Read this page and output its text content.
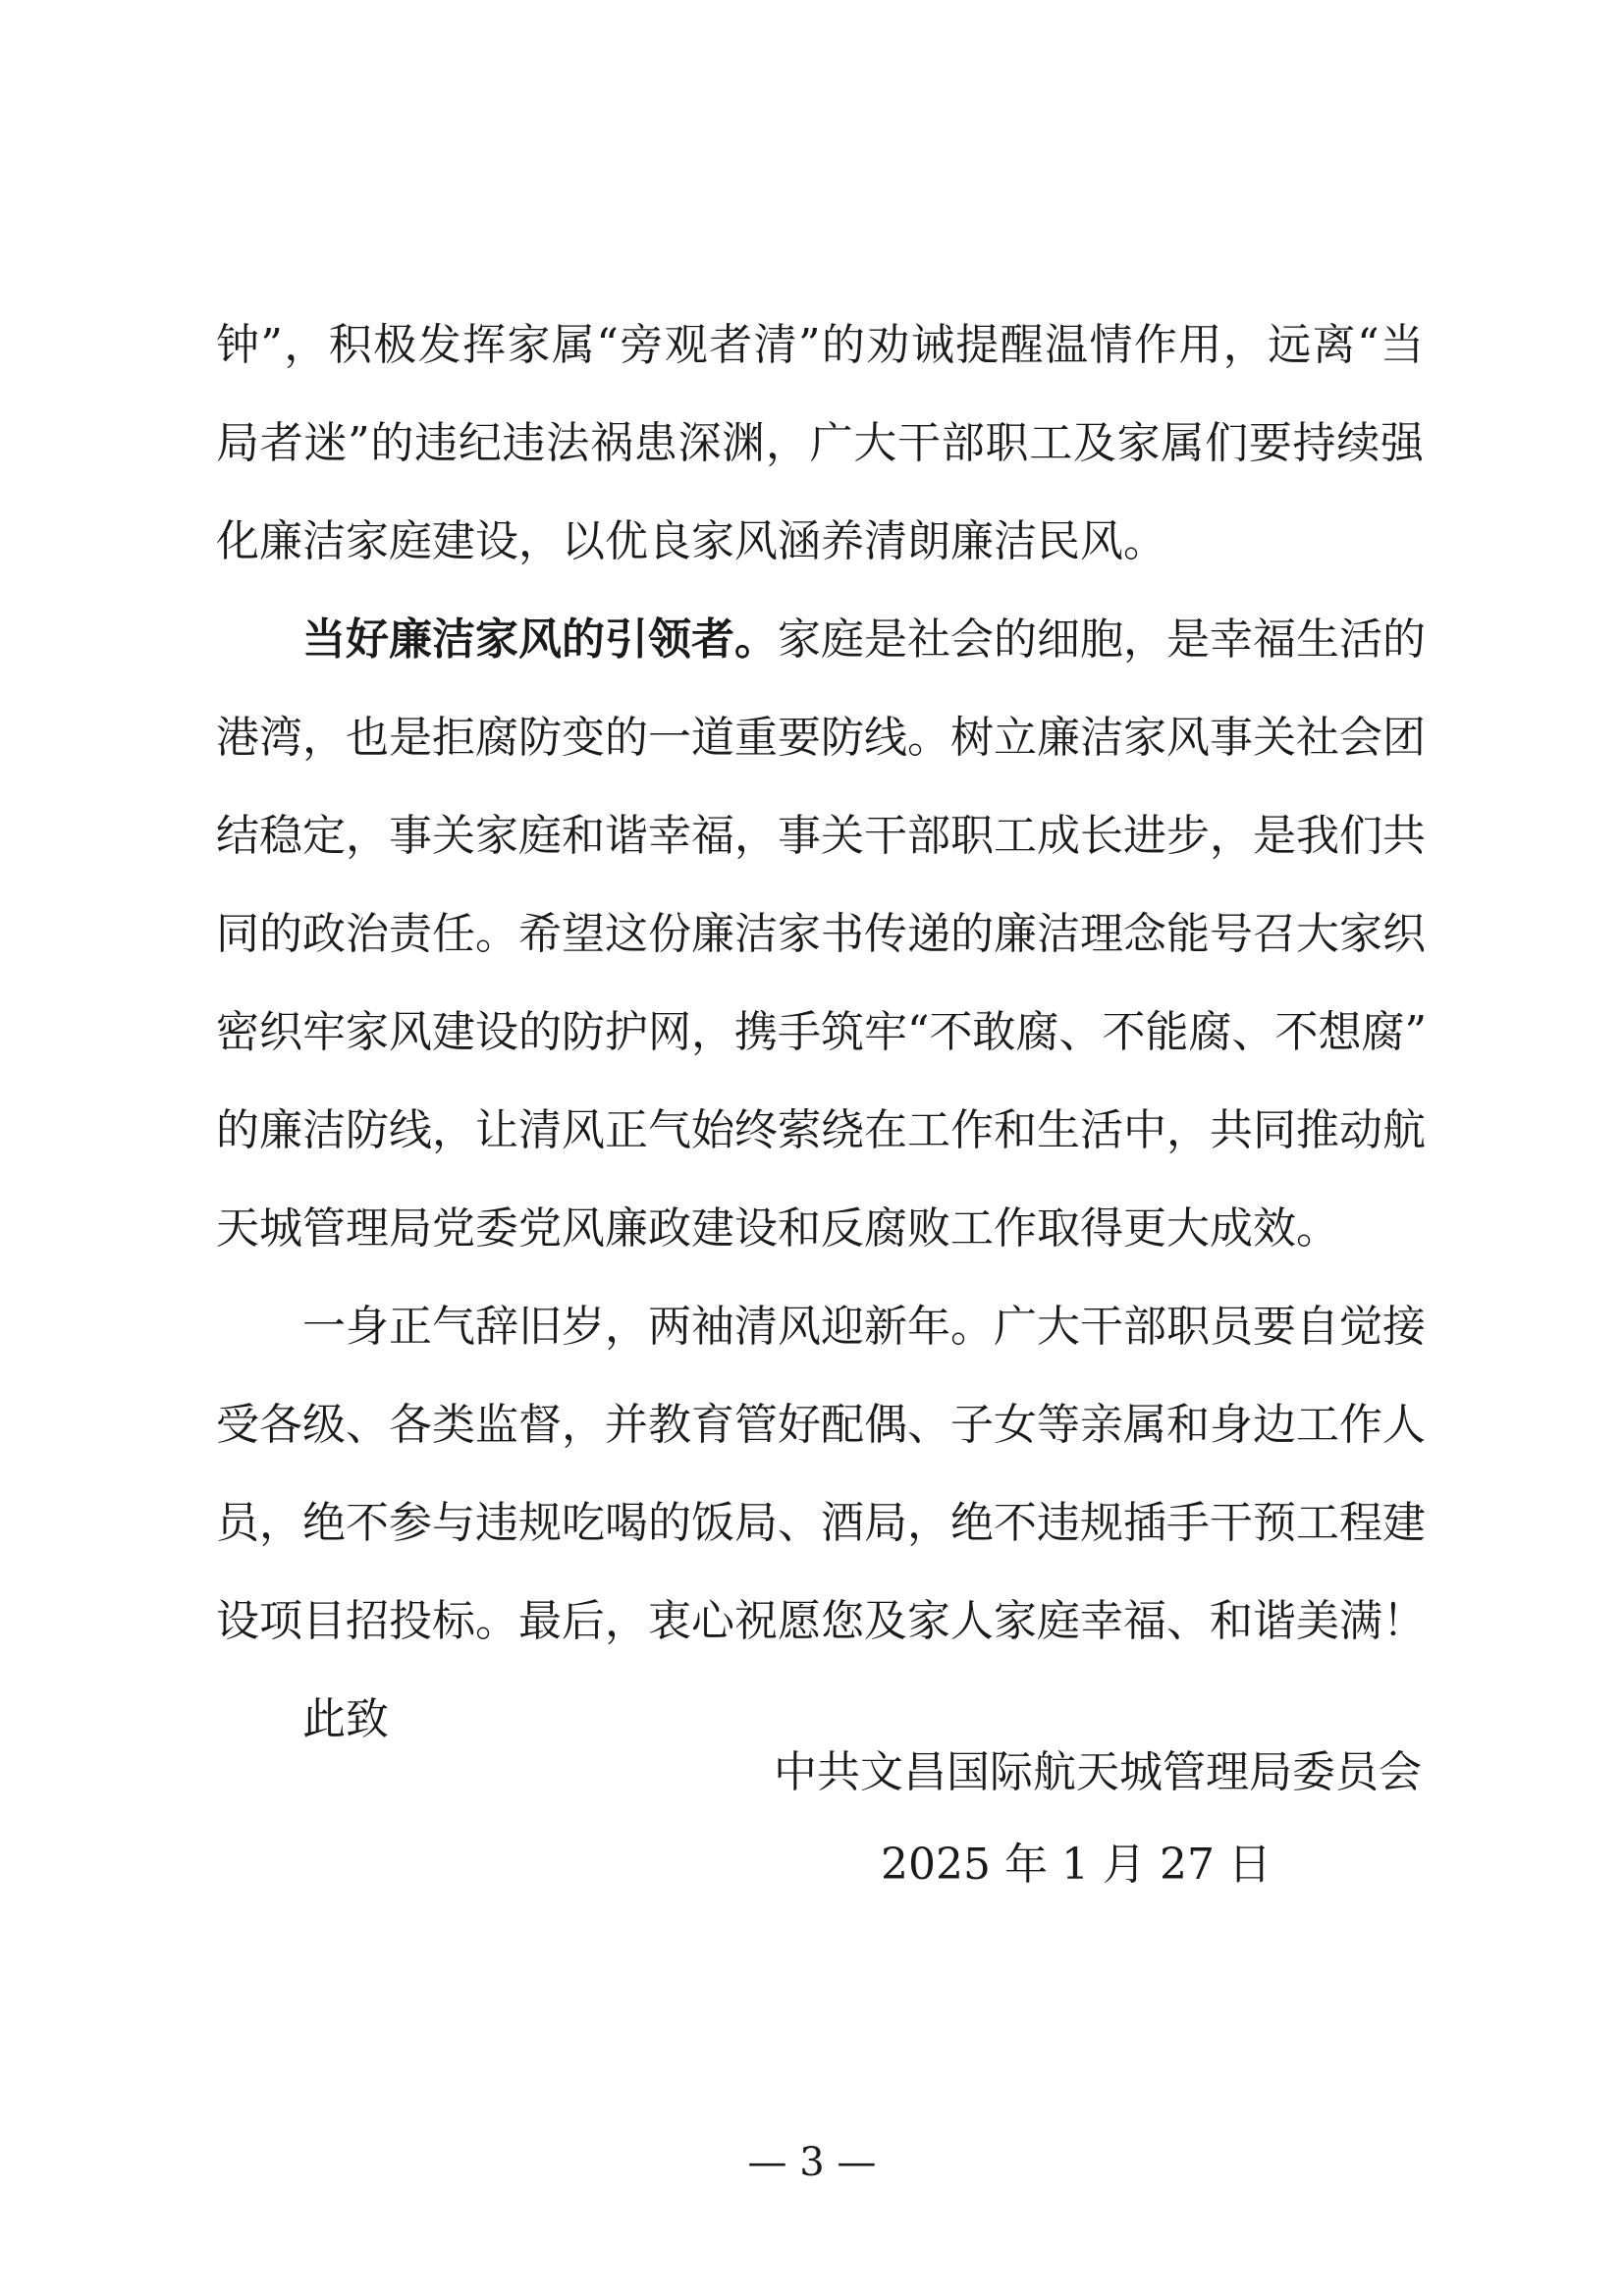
钟”，积极发挥家属“旁观者清”的劝诫提醒温情作用，远离“当
局者迷”的违纪违法祸患深渊，广大干部职工及家属们要持续强
化廉洁家庭建设，以优良家风涵养清朗廉洁民风。
当好廉洁家风的引领者。家庭是社会的细胞，是幸福生活的
港湾，也是拒腐防变的一道重要防线。树立廉洁家风事关社会团
结稳定，事关家庭和谐幸福，事关干部职工成长进步，是我们共
同的政治责任。希望这份廉洁家书传递的廉洁理念能号召大家织
密织牢家风建设的防护网，携手筑牢“不敢腐、不能腐、不想腐”
的廉洁防线，让清风正气始终萦绕在工作和生活中，共同推动航
天城管理局党委党风廉政建设和反腐败工作取得更大成效。
一身正气辞旧岁，两袖清风迎新年。广大干部职员要自觉接
受各级、各类监督，并教育管好配偶、子女等亲属和身边工作人
员，绝不参与违规吃喝的饭局、酒局，绝不违规插手干预工程建
设项目招投标。最后，衷心祝愿您及家人家庭幸福、和谐美满！
此致
中共文昌国际航天城管理局委员会
2025 年 1 月 27 日
— 3 —
